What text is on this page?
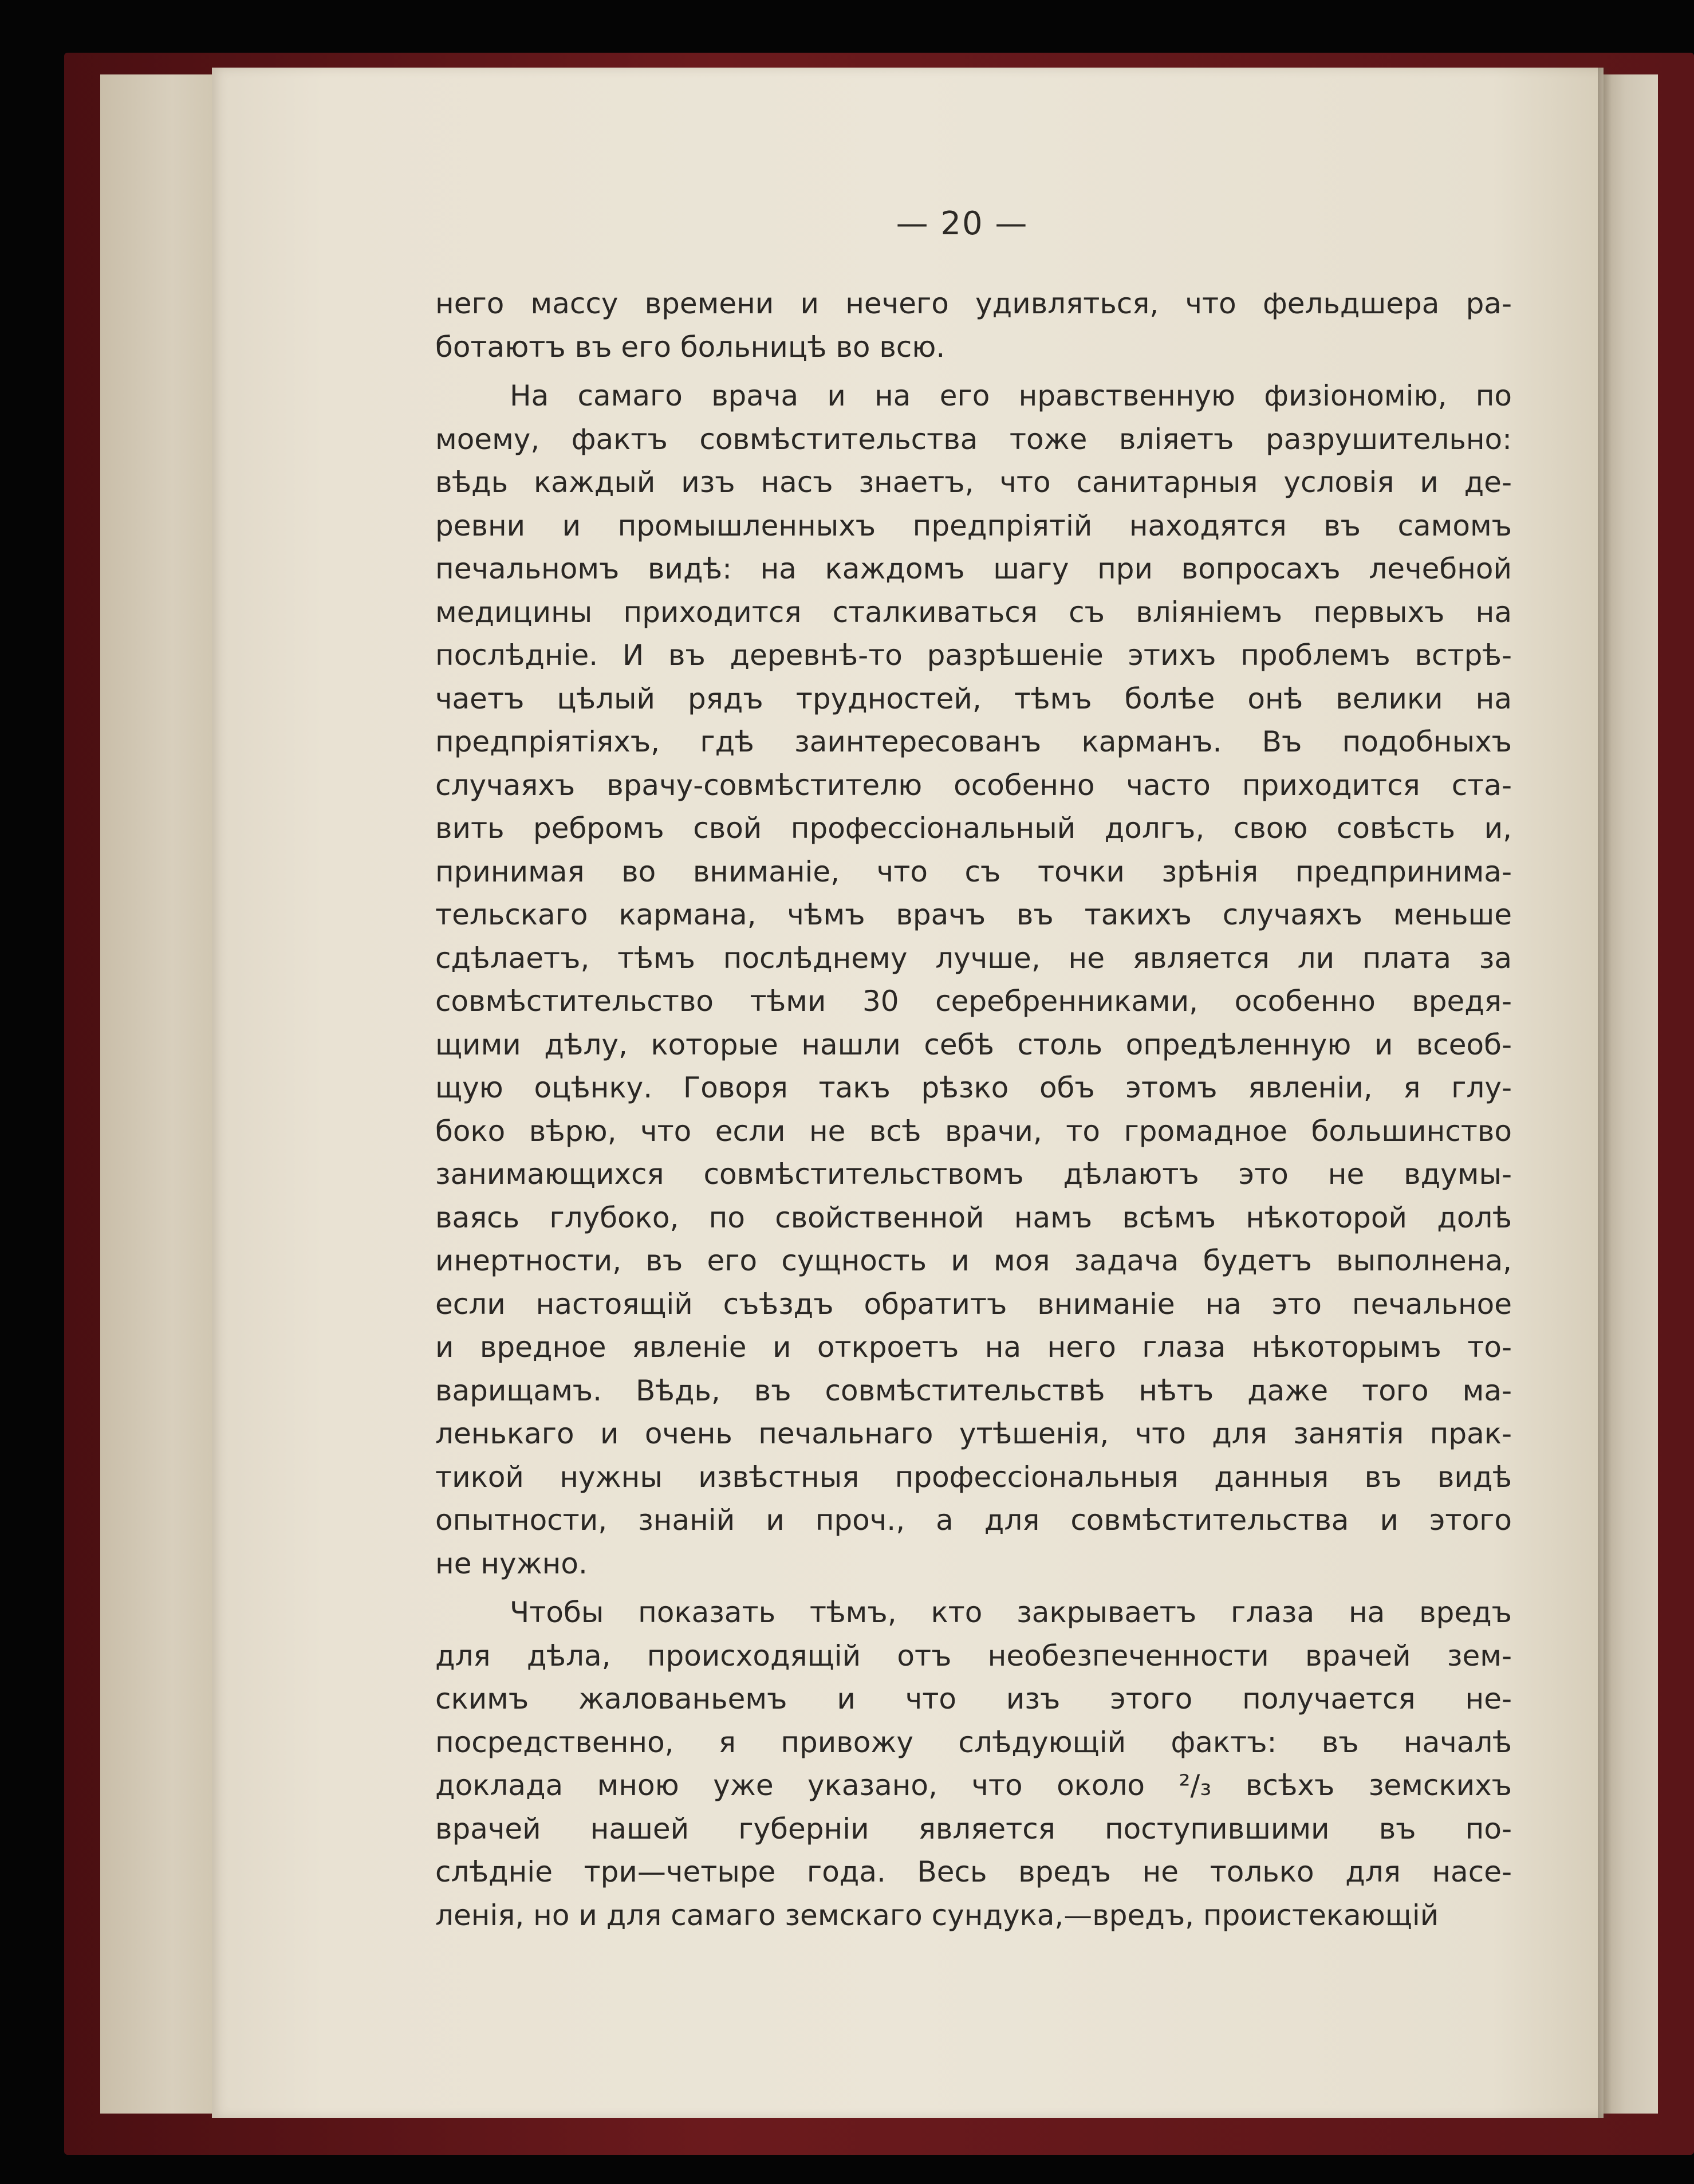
— 20 —
него массу времени и нечего удивляться, что фельдшера ра-
ботаютъ въ его больницѣ во всю.
На самаго врача и на его нравственную физіономію, по
моему, фактъ совмѣстительства тоже вліяетъ разрушительно:
вѣдь каждый изъ насъ знаетъ, что санитарныя условія и де-
ревни и промышленныхъ предпріятій находятся въ самомъ
печальномъ видѣ: на каждомъ шагу при вопросахъ лечебной
медицины приходится сталкиваться съ вліяніемъ первыхъ на
послѣдніе. И въ деревнѣ-то разрѣшеніе этихъ проблемъ встрѣ-
чаетъ цѣлый рядъ трудностей, тѣмъ болѣе онѣ велики на
предпріятіяхъ, гдѣ заинтересованъ карманъ. Въ подобныхъ
случаяхъ врачу-совмѣстителю особенно часто приходится ста-
вить ребромъ свой профессіональный долгъ, свою совѣсть и,
принимая во вниманіе, что съ точки зрѣнія предпринима-
тельскаго кармана, чѣмъ врачъ въ такихъ случаяхъ меньше
сдѣлаетъ, тѣмъ послѣднему лучше, не является ли плата за
совмѣстительство тѣми 30 серебренниками, особенно вредя-
щими дѣлу, которые нашли себѣ столь опредѣленную и всеоб-
щую оцѣнку. Говоря такъ рѣзко объ этомъ явленіи, я глу-
боко вѣрю, что если не всѣ врачи, то громадное большинство
занимающихся совмѣстительствомъ дѣлаютъ это не вдумы-
ваясь глубоко, по свойственной намъ всѣмъ нѣкоторой долѣ
инертности, въ его сущность и моя задача будетъ выполнена,
если настоящій съѣздъ обратитъ вниманіе на это печальное
и вредное явленіе и откроетъ на него глаза нѣкоторымъ то-
варищамъ. Вѣдь, въ совмѣстительствѣ нѣтъ даже того ма-
ленькаго и очень печальнаго утѣшенія, что для занятія прак-
тикой нужны извѣстныя профессіональныя данныя въ видѣ
опытности, знаній и проч., а для совмѣстительства и этого
не нужно.
Чтобы показать тѣмъ, кто закрываетъ глаза на вредъ
для дѣла, происходящій отъ необезпеченности врачей зем-
скимъ жалованьемъ и что изъ этого получается не-
посредственно, я привожу слѣдующій фактъ: въ началѣ
доклада мною уже указано, что около ²/₃ всѣхъ земскихъ
врачей нашей губерніи является поступившими въ по-
слѣдніе три—четыре года. Весь вредъ не только для насе-
ленія, но и для самаго земскаго сундука,—вредъ, проистекающій
